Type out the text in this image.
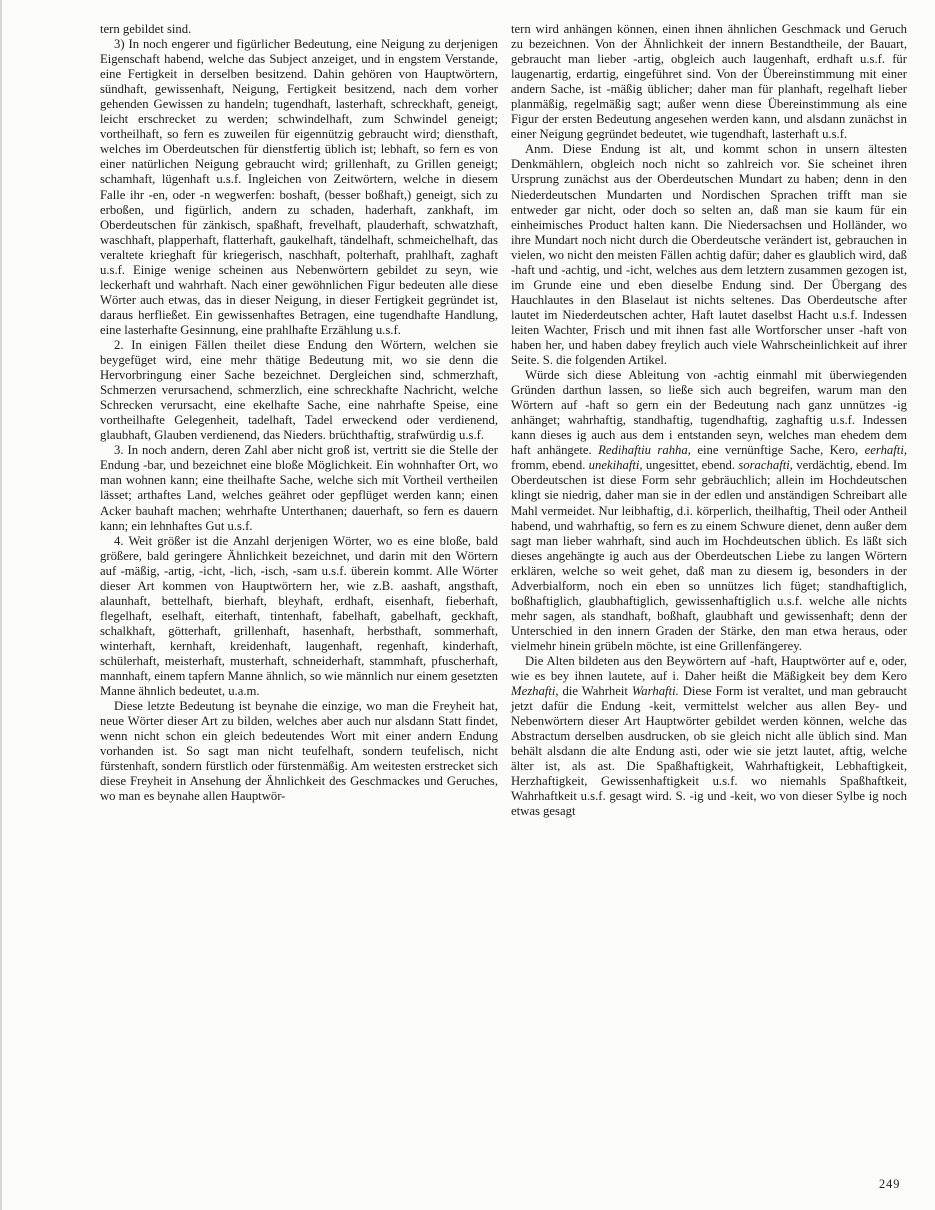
tern gebildet sind.

3) In noch engerer und figürlicher Bedeutung, eine Neigung zu derjenigen Eigenschaft habend, welche das Subject anzeiget, und in engstem Verstande, eine Fertigkeit in derselben besitzend. Dahin gehören von Hauptwörtern, sündhaft, gewissenhaft, Neigung, Fertigkeit besitzend, nach dem vorher gehenden Gewissen zu handeln; tugendhaft, lasterhaft, schreckhaft, geneigt, leicht erschrecket zu werden; schwindelhaft, zum Schwindel geneigt; vortheilhaft, so fern es zuweilen für eigennützig gebraucht wird; diensthaft, welches im Oberdeutschen für dienstfertig üblich ist; lebhaft, so fern es von einer natürlichen Neigung gebraucht wird; grillenhaft, zu Grillen geneigt; schamhaft, lügenhaft u.s.f. Ingleichen von Zeitwörtern, welche in diesem Falle ihr -en, oder -n wegwerfen: boshaft, (besser boßhaft,) geneigt, sich zu erboßen, und figürlich, andern zu schaden, haderhaft, zankhaft, im Oberdeutschen für zänkisch, spaßhaft, frevelhaft, plauderhaft, schwatzhaft, waschhaft, plapperhaft, flatterhaft, gaukelhaft, tändelhaft, schmeichelhaft, das veraltete krieghaft für kriegerisch, naschhaft, polterhaft, prahlhaft, zaghaft u.s.f. Einige wenige scheinen aus Nebenwörtern gebildet zu seyn, wie leckerhaft und wahrhaft. Nach einer gewöhnlichen Figur bedeuten alle diese Wörter auch etwas, das in dieser Neigung, in dieser Fertigkeit gegründet ist, daraus herfließet. Ein gewissenhaftes Betragen, eine tugendhafte Handlung, eine lasterhafte Gesinnung, eine prahlhafte Erzählung u.s.f.

2. In einigen Fällen theilet diese Endung den Wörtern, welchen sie beygefüget wird, eine mehr thätige Bedeutung mit, wo sie denn die Hervorbringung einer Sache bezeichnet. Dergleichen sind, schmerzhaft, Schmerzen verursachend, schmerzlich, eine schreckhafte Nachricht, welche Schrecken verursacht, eine ekelhafte Sache, eine nahrhafte Speise, eine vortheilhafte Gelegenheit, tadelhaft, Tadel erweckend oder verdienend, glaubhaft, Glauben verdienend, das Nieders. brüchthaftig, strafwürdig u.s.f.

3. In noch andern, deren Zahl aber nicht groß ist, vertritt sie die Stelle der Endung -bar, und bezeichnet eine bloße Möglichkeit. Ein wohnhafter Ort, wo man wohnen kann; eine theilhafte Sache, welche sich mit Vortheil vertheilen lässet; arthaftes Land, welches geähret oder gepflüget werden kann; einen Acker bauhaft machen; wehrhafte Unterthanen; dauerhaft, so fern es dauern kann; ein lehnhaftes Gut u.s.f.

4. Weit größer ist die Anzahl derjenigen Wörter, wo es eine bloße, bald größere, bald geringere Ähnlichkeit bezeichnet, und darin mit den Wörtern auf -mäßig, -artig, -icht, -lich, -isch, -sam u.s.f. überein kommt. Alle Wörter dieser Art kommen von Hauptwörtern her, wie z.B. aashaft, angsthaft, alaunhaft, bettelhaft, bierhaft, bleyhaft, erdhaft, eisenhaft, fieberhaft, flegelhaft, eselhaft, eiterhaft, tintenhaft, fabelhaft, gabelhaft, geckhaft, schalkhaft, götterhaft, grillenhaft, hasenhaft, herbsthaft, sommerhaft, winterhaft, kernhaft, kreidenhaft, laugenhaft, regenhaft, kinderhaft, schülerhaft, meisterhaft, musterhaft, schneiderhaft, stammhaft, pfuscherhaft, mannhaft, einem tapfern Manne ähnlich, so wie männlich nur einem gesetzten Manne ähnlich bedeutet, u.a.m.

Diese letzte Bedeutung ist beynahe die einzige, wo man die Freyheit hat, neue Wörter dieser Art zu bilden, welches aber auch nur alsdann Statt findet, wenn nicht schon ein gleich bedeutendes Wort mit einer andern Endung vorhanden ist. So sagt man nicht teufelhaft, sondern teufelisch, nicht fürstenhaft, sondern fürstlich oder fürstenmäßig. Am weitesten erstrecket sich diese Freyheit in Ansehung der Ähnlichkeit des Geschmackes und Geruches, wo man es beynahe allen Hauptwör-

tern wird anhängen können, einen ihnen ähnlichen Geschmack und Geruch zu bezeichnen. Von der Ähnlichkeit der innern Bestandtheile, der Bauart, gebraucht man lieber -artig, obgleich auch laugenhaft, erdhaft u.s.f. für laugenartig, erdartig, eingeführet sind. Von der Übereinstimmung mit einer andern Sache, ist -mäßig üblicher; daher man für planhaft, regelhaft lieber planmäßig, regelmäßig sagt; außer wenn diese Übereinstimmung als eine Figur der ersten Bedeutung angesehen werden kann, und alsdann zunächst in einer Neigung gegründet bedeutet, wie tugendhaft, lasterhaft u.s.f.

Anm. Diese Endung ist alt, und kommt schon in unsern ältesten Denkmählern, obgleich noch nicht so zahlreich vor. Sie scheinet ihren Ursprung zunächst aus der Oberdeutschen Mundart zu haben; denn in den Niederdeutschen Mundarten und Nordischen Sprachen trifft man sie entweder gar nicht, oder doch so selten an, daß man sie kaum für ein einheimisches Product halten kann. Die Niedersachsen und Holländer, wo ihre Mundart noch nicht durch die Oberdeutsche verändert ist, gebrauchen in vielen, wo nicht den meisten Fällen achtig dafür; daher es glaublich wird, daß -haft und -achtig, und -icht, welches aus dem letztern zusammen gezogen ist, im Grunde eine und eben dieselbe Endung sind. Der Übergang des Hauchlautes in den Blaselaut ist nichts seltenes. Das Oberdeutsche after lautet im Niederdeutschen achter, Haft lautet daselbst Hacht u.s.f. Indessen leiten Wachter, Frisch und mit ihnen fast alle Wortforscher unser -haft von haben her, und haben dabey freylich auch viele Wahrscheinlichkeit auf ihrer Seite. S. die folgenden Artikel.

Würde sich diese Ableitung von -achtig einmahl mit überwiegenden Gründen darthun lassen, so ließe sich auch begreifen, warum man den Wörtern auf -haft so gern ein der Bedeutung nach ganz unnützes -ig anhänget; wahrhaftig, standhaftig, tugendhaftig, zaghaftig u.s.f. Indessen kann dieses ig auch aus dem i entstanden seyn, welches man ehedem dem haft anhängete. Redihaftiu rahha, eine vernünftige Sache, Kero, eerhafti, fromm, ebend. unekihafti, ungesittet, ebend. sorachafti, verdächtig, ebend. Im Oberdeutschen ist diese Form sehr gebräuchlich; allein im Hochdeutschen klingt sie niedrig, daher man sie in der edlen und anständigen Schreibart alle Mahl vermeidet. Nur leibhaftig, d.i. körperlich, theilhaftig, Theil oder Antheil habend, und wahrhaftig, so fern es zu einem Schwure dienet, denn außer dem sagt man lieber wahrhaft, sind auch im Hochdeutschen üblich. Es läßt sich dieses angehängte ig auch aus der Oberdeutschen Liebe zu langen Wörtern erklären, welche so weit gehet, daß man zu diesem ig, besonders in der Adverbialform, noch ein eben so unnützes lich füget; standhaftiglich, boßhaftiglich, glaubhaftiglich, gewissenhaftiglich u.s.f. welche alle nichts mehr sagen, als standhaft, boßhaft, glaubhaft und gewissenhaft; denn der Unterschied in den innern Graden der Stärke, den man etwa heraus, oder vielmehr hinein grübeln möchte, ist eine Grillenfängerey.

Die Alten bildeten aus den Beywörtern auf -haft, Hauptwörter auf e, oder, wie es bey ihnen lautete, auf i. Daher heißt die Mäßigkeit bey dem Kero Mezhafti, die Wahrheit Warhafti. Diese Form ist veraltet, und man gebraucht jetzt dafür die Endung -keit, vermittelst welcher aus allen Bey- und Nebenwörtern dieser Art Hauptwörter gebildet werden können, welche das Abstractum derselben ausdrucken, ob sie gleich nicht alle üblich sind. Man behält alsdann die alte Endung asti, oder wie sie jetzt lautet, aftig, welche älter ist, als ast. Die Spaßhaftigkeit, Wahrhaftigkeit, Lebhaftigkeit, Herzhaftigkeit, Gewissenhaftigkeit u.s.f. wo niemahls Spaßhaftkeit, Wahrhaftkeit u.s.f. gesagt wird. S. -ig und -keit, wo von dieser Sylbe ig noch etwas gesagt

249
